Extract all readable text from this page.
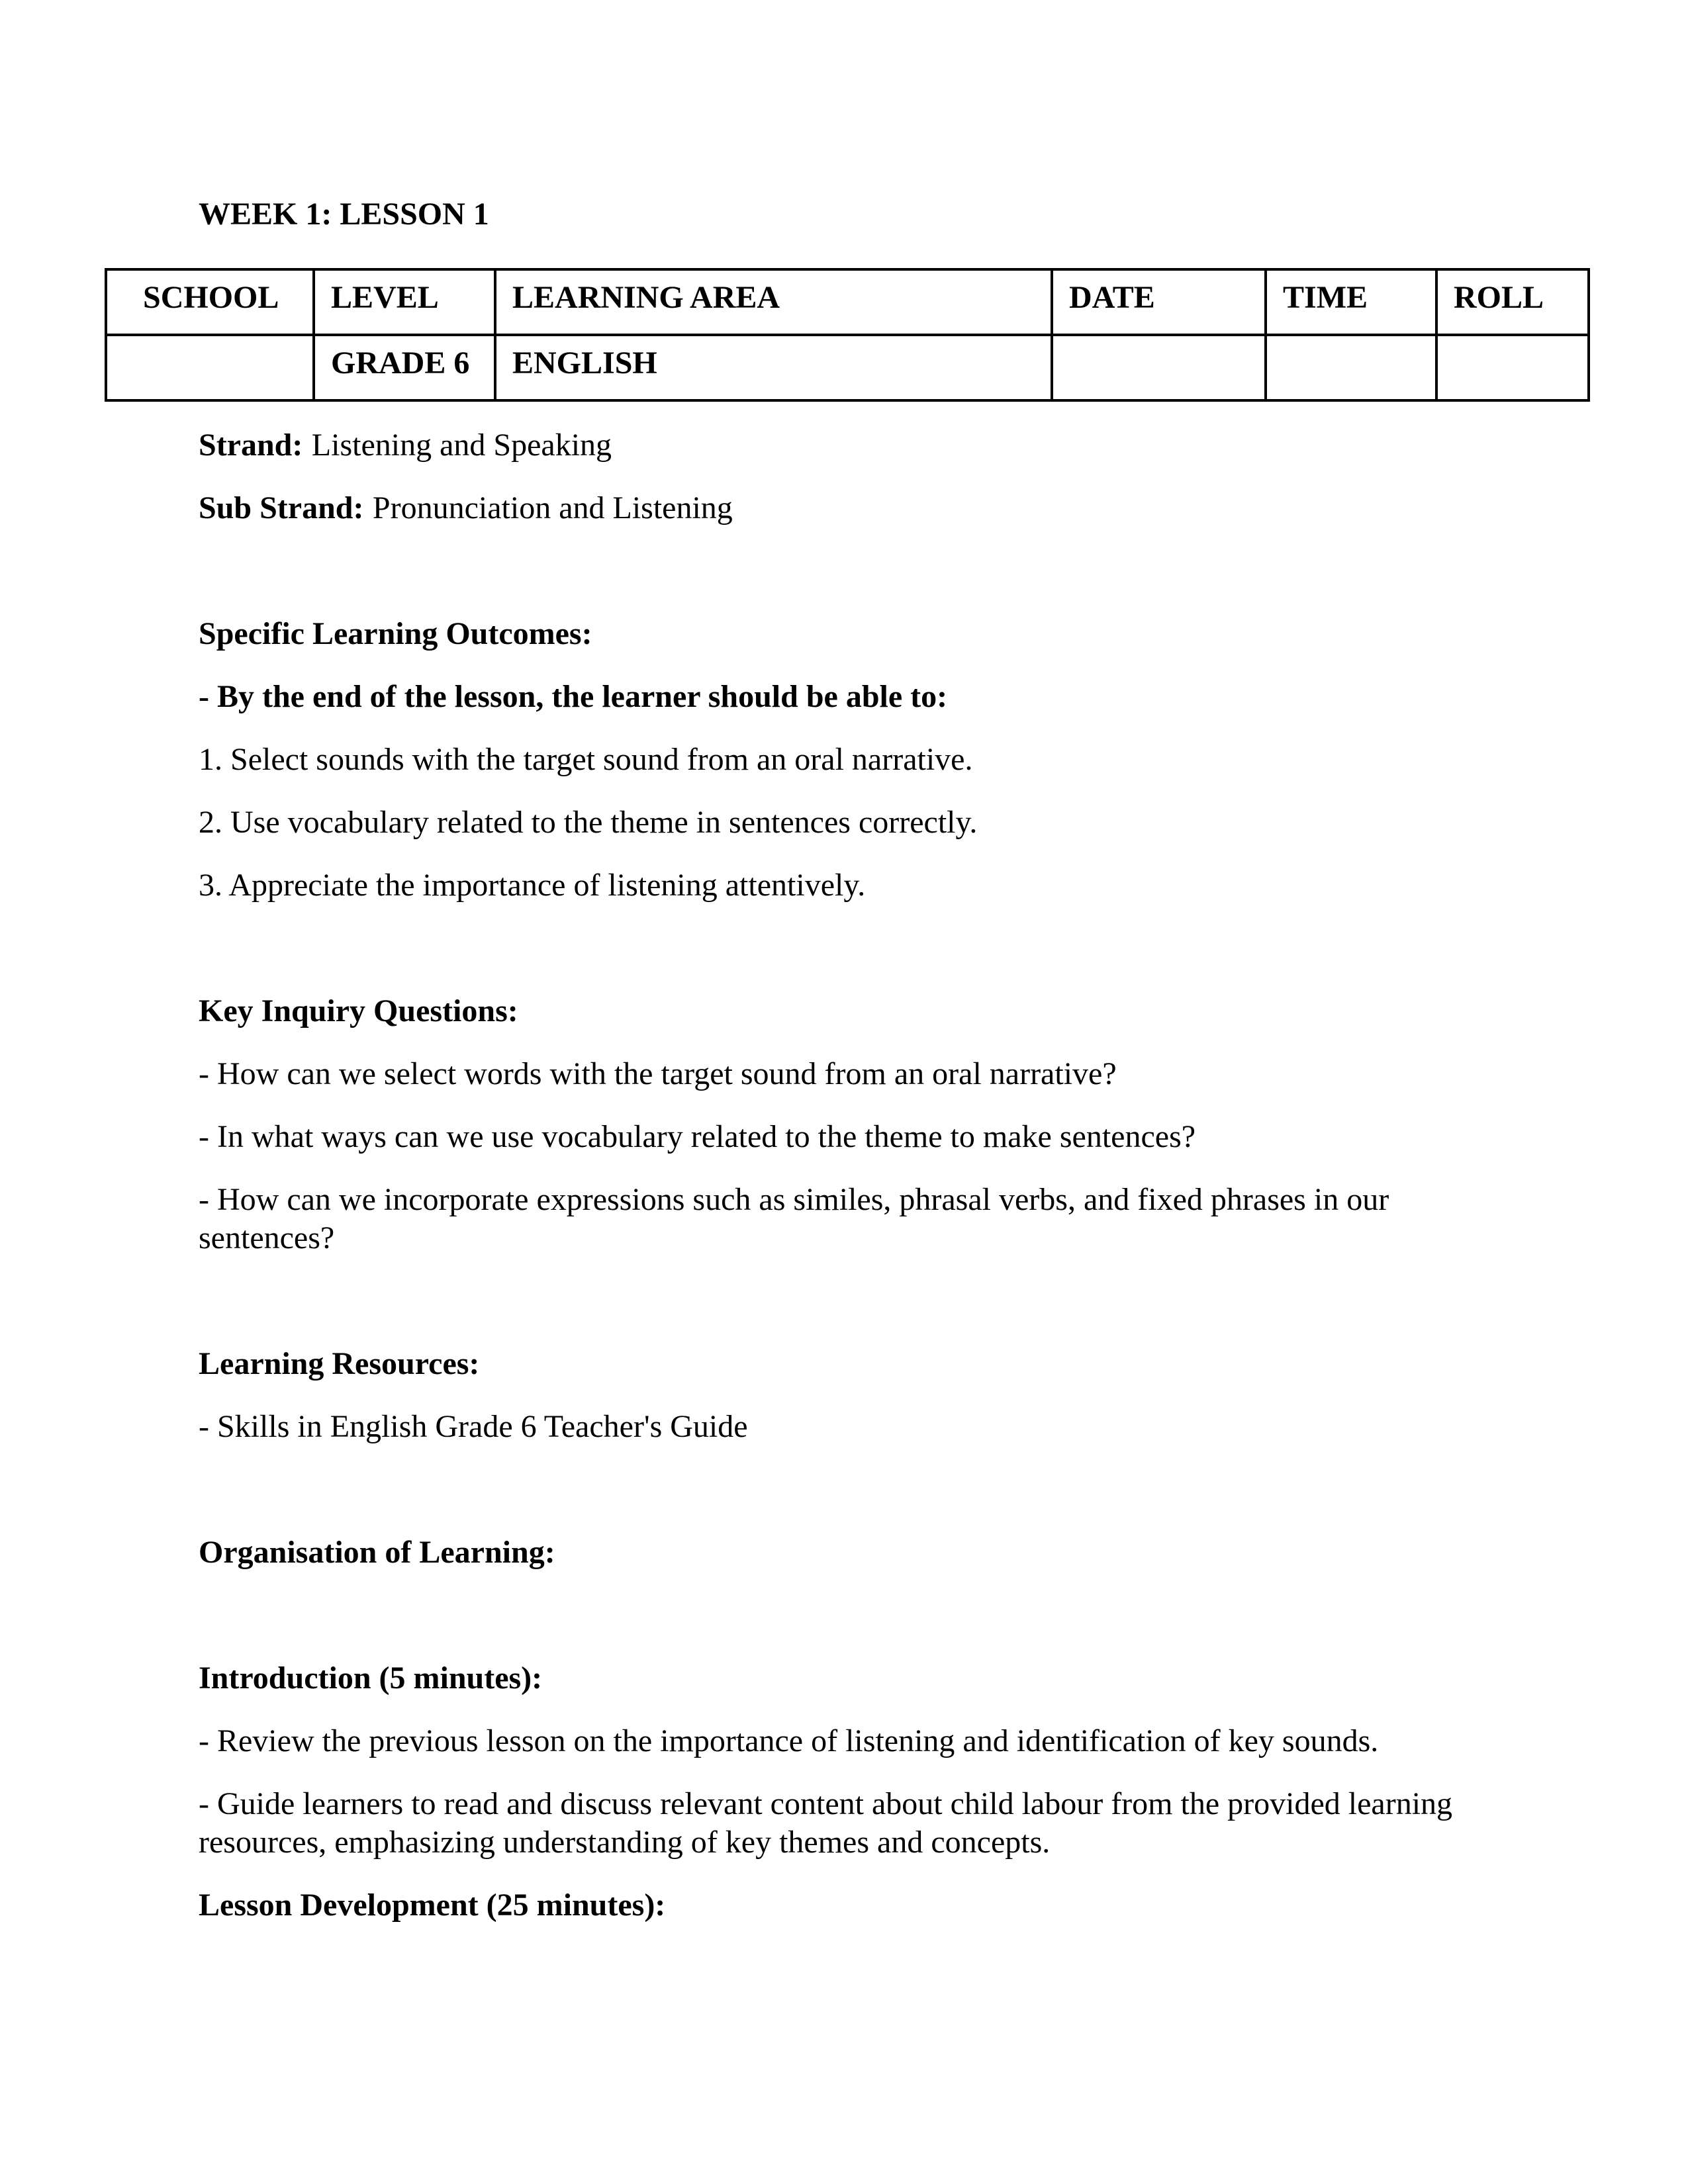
WEEK 1: LESSON 1

SCHOOL	LEVEL	LEARNING AREA	DATE	TIME	ROLL
	GRADE 6	ENGLISH			

Strand: Listening and Speaking

Sub Strand: Pronunciation and Listening

Specific Learning Outcomes:

- By the end of the lesson, the learner should be able to:

1. Select sounds with the target sound from an oral narrative.

2. Use vocabulary related to the theme in sentences correctly.

3. Appreciate the importance of listening attentively.

Key Inquiry Questions:

- How can we select words with the target sound from an oral narrative?

- In what ways can we use vocabulary related to the theme to make sentences?

- How can we incorporate expressions such as similes, phrasal verbs, and fixed phrases in our sentences?

Learning Resources:

- Skills in English Grade 6 Teacher's Guide

Organisation of Learning:

Introduction (5 minutes):

- Review the previous lesson on the importance of listening and identification of key sounds.

- Guide learners to read and discuss relevant content about child labour from the provided learning resources, emphasizing understanding of key themes and concepts.

Lesson Development (25 minutes):
